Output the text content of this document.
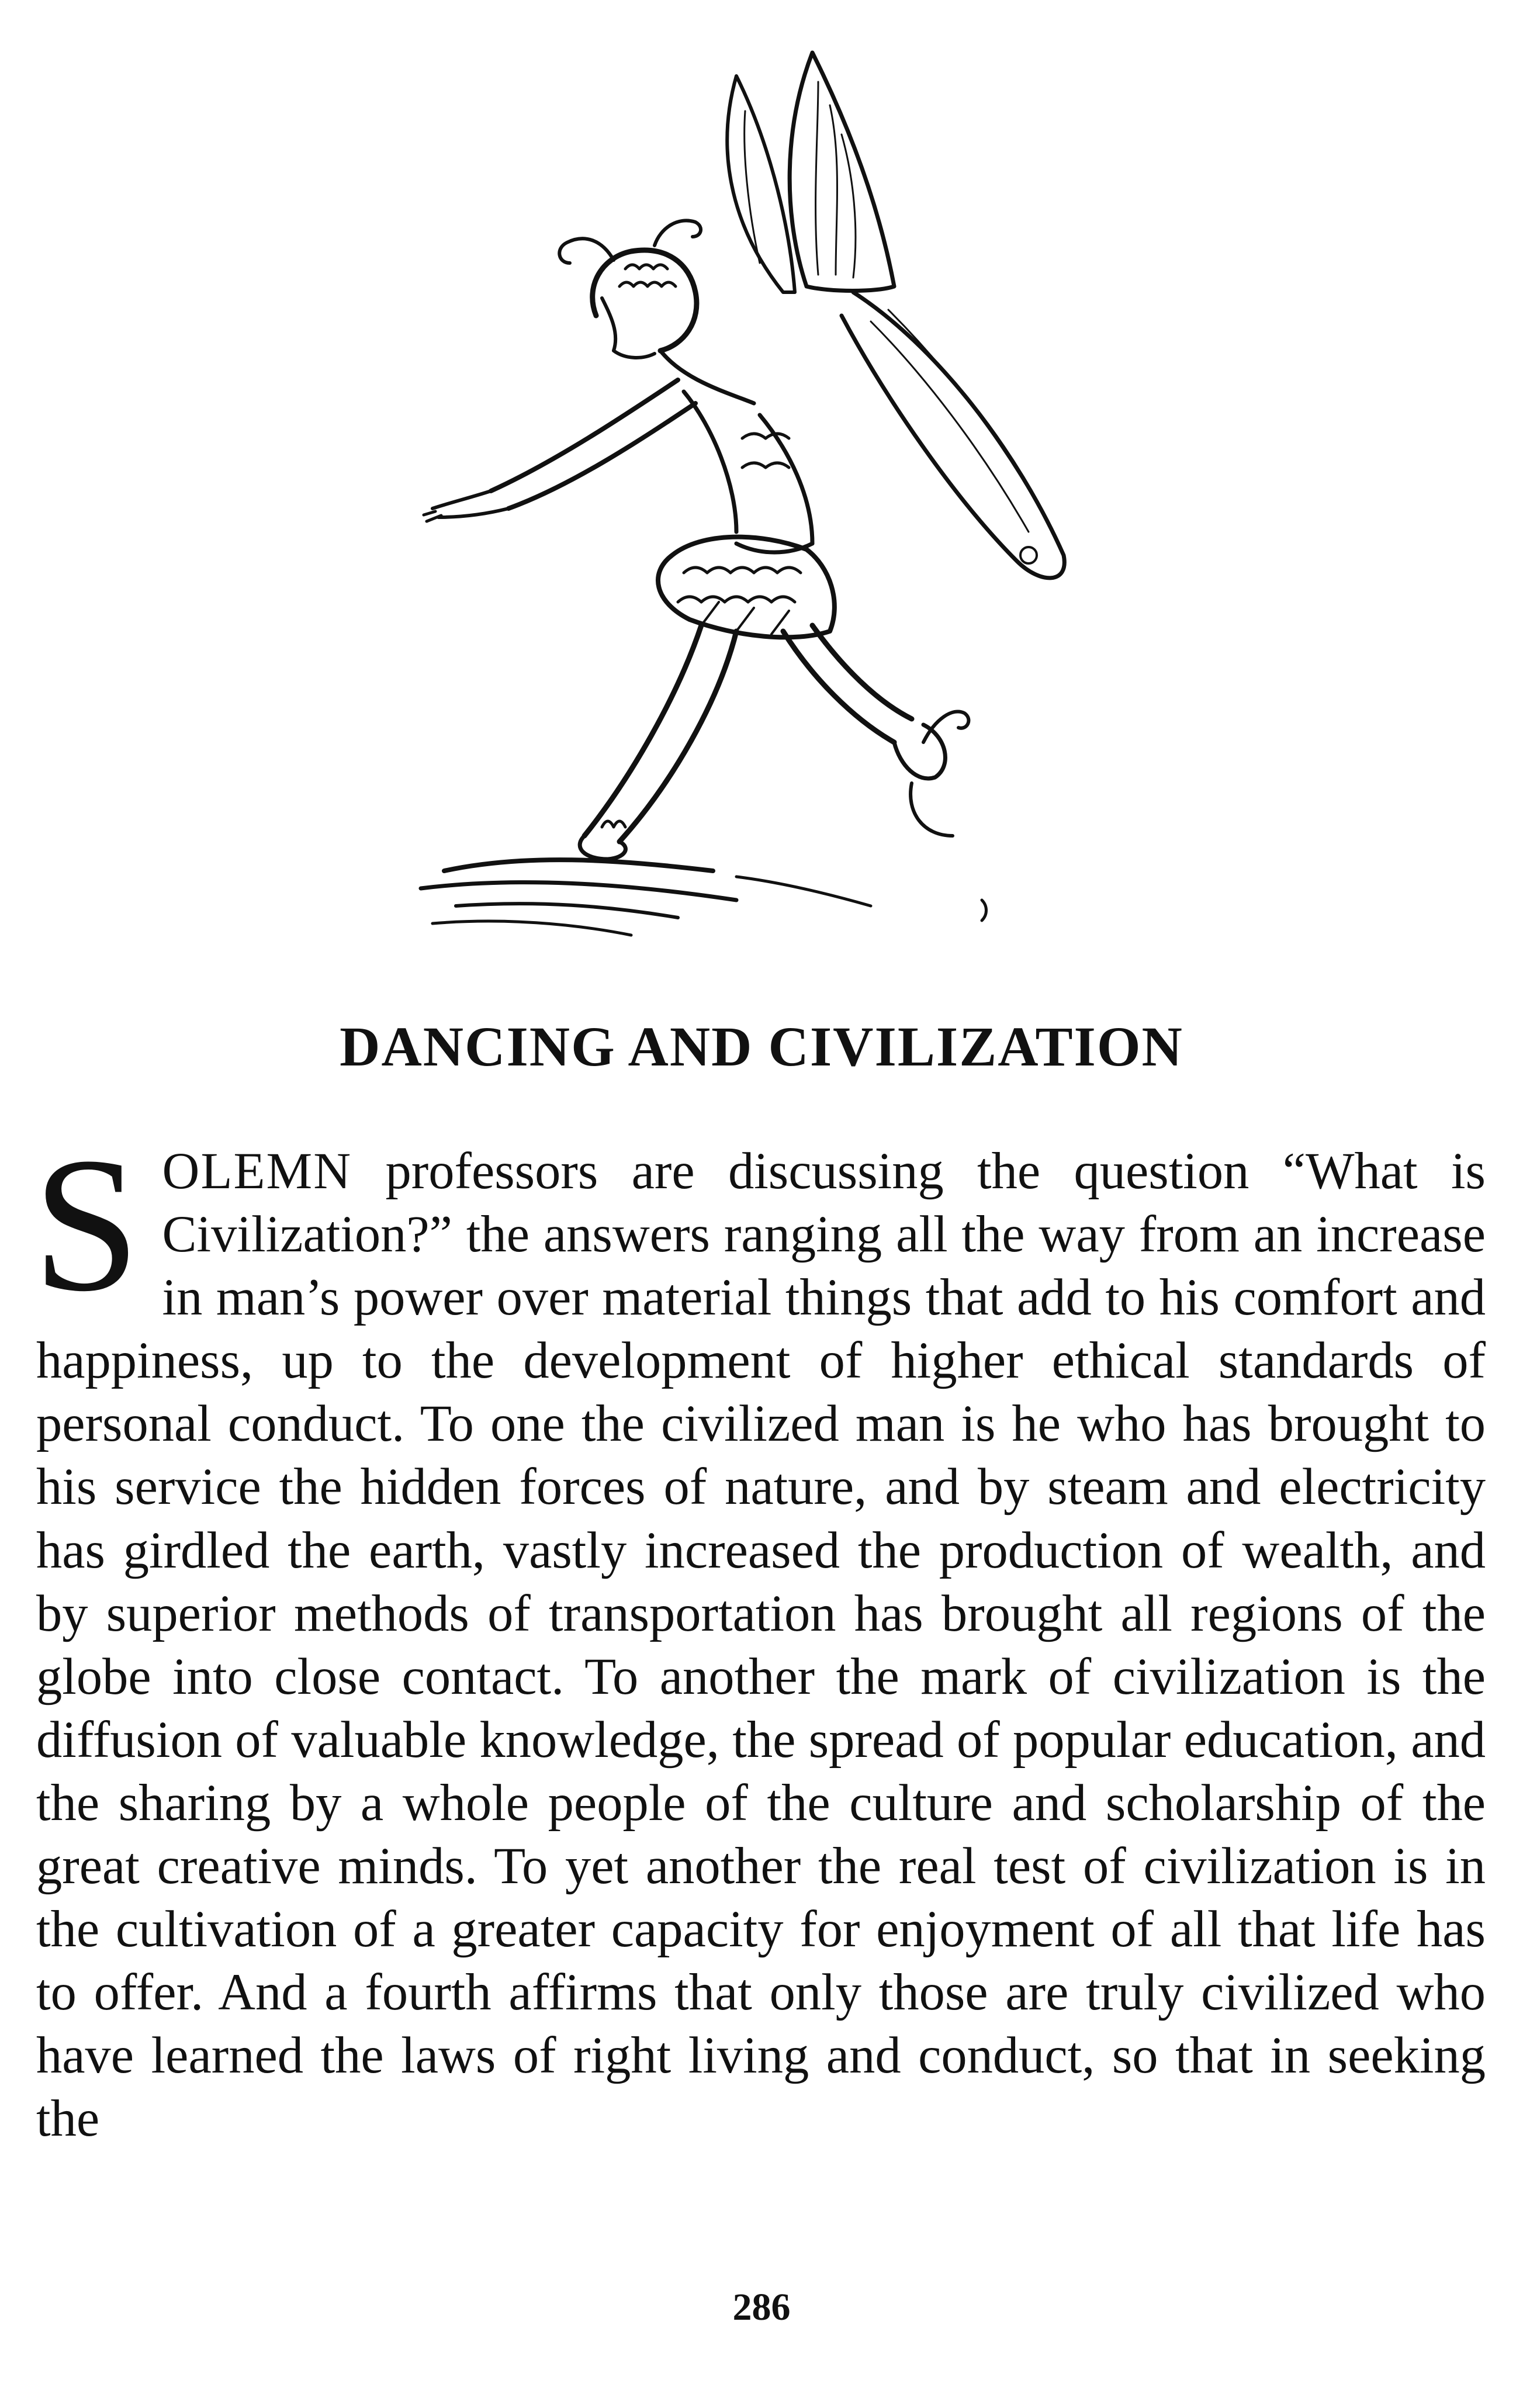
DANCING AND CIVILIZATION

SOLEMN professors are discussing the question “What is Civilization?” the answers ranging all the way from an increase in man’s power over material things that add to his comfort and happiness, up to the development of higher ethical standards of personal conduct. To one the civilized man is he who has brought to his service the hidden forces of nature, and by steam and electricity has girdled the earth, vastly increased the production of wealth, and by superior methods of transportation has brought all regions of the globe into close contact. To another the mark of civilization is the diffusion of valuable knowledge, the spread of popular education, and the sharing by a whole people of the culture and scholarship of the great creative minds. To yet another the real test of civilization is in the cultivation of a greater capacity for enjoyment of all that life has to offer. And a fourth affirms that only those are truly civilized who have learned the laws of right living and conduct, so that in seeking the

286
